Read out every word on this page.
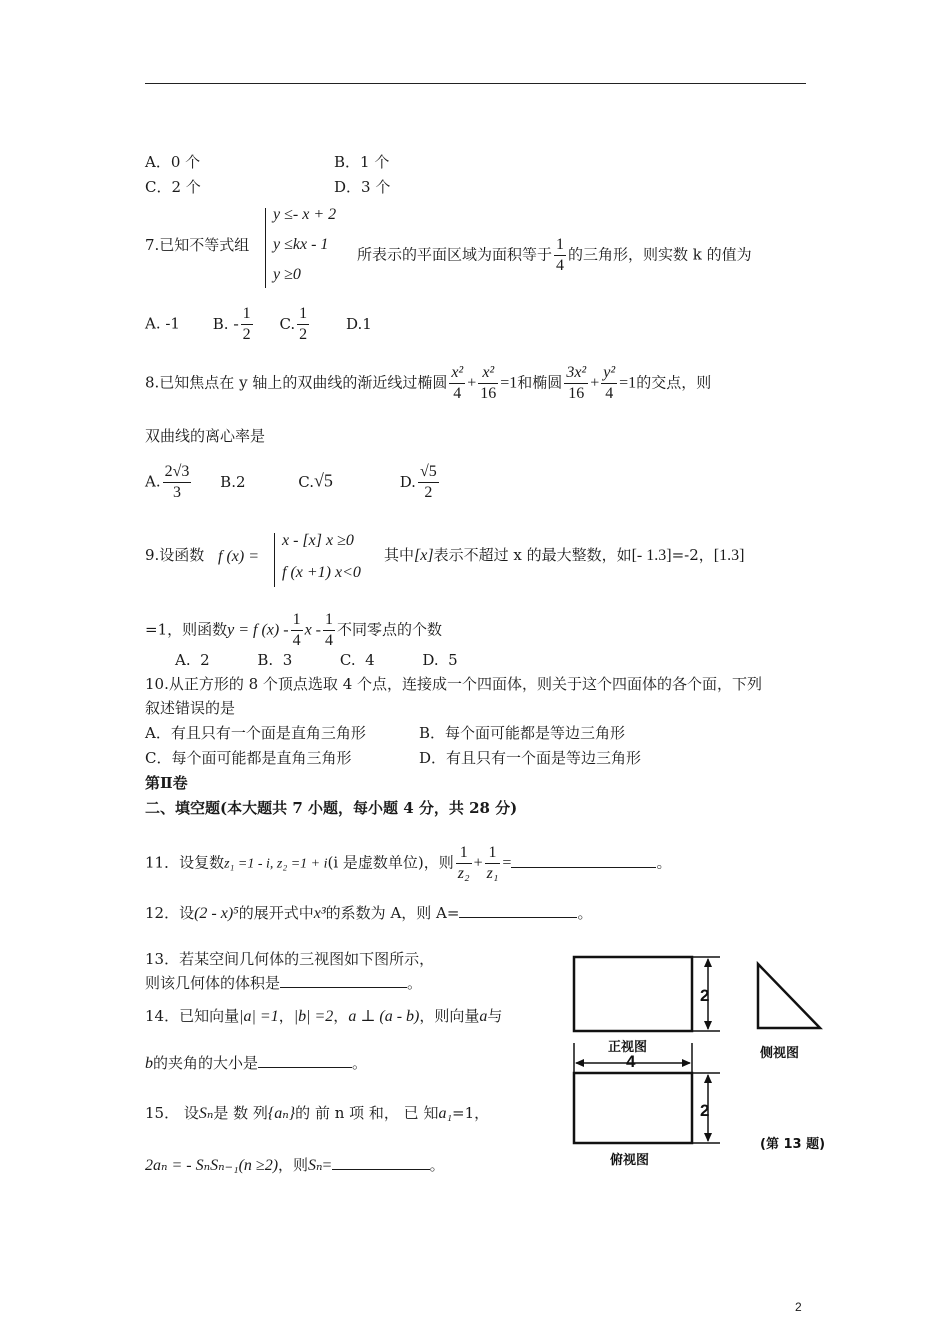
A．0 个	B．1 个
C．2 个	D．3 个
7.已知不等式组
y ≤- x + 2
y ≤kx - 1
y ≥0
所表示的平面区域为面积等于 $\frac{1}{4}$ 的三角形，则实数 k 的值为
A. -1 B. - $\frac{1}{2} C$. $\frac{1}{2} D.1$
8.已知焦点在 y 轴上的双曲线的渐近线过椭圆 $\frac{\text{x²}}{4} + \frac{\text{x²}}{16} =1$和椭圆 $\frac{\text{3x²}}{16} + \frac{\text{y²}}{4} =1$的交点，则
双曲线的离心率是
A. $\frac{2√3}{3} B.2$	C.√5	D. $\frac{√5}{2}$
9.设函数 f (x) =
x - [x] x ≥0
f (x +1) x<0
其中[x]表示不超过 x 的最大整数，如[- 1.3]=-2，[1.3]
=1，则函数y = f $(x) - \frac{1}{4}$ x - $\frac{1}{4}$ 不同零点的个数
A.  2          B.  3          C.  4          D.  5
10.从正方形的 8 个顶点选取 4 个点，连接成一个四面体，则关于这个四面体的各个面，下列
叙述错误的是
A．有且只有一个面是直角三角形	B．每个面可能都是等边三角形
C．每个面可能都是直角三角形	D．有且只有一个面是等边三角形
第Ⅱ卷
二、填空题(本大题共 7 小题，每小题 4 分，共 28 分)
11．设复数z₁ =1 - i, z₂ =1 + i(i 是虚数单位)，则 $\frac{1}{\text{z₂}} + \frac{1}{\text{z₁}}$ =	。
12．设(2 - x)⁵的展开式中x³的系数为 A，则 A=	。
13．若某空间几何体的三视图如下图所示，
则该几何体的体积是	。
14．已知向量|a| =1，|b| =2，a ⊥ (a - b)，则向量a与
b的夹角的大小是	。
15． 设Sₙ是 数 列{aₙ}的 前 n 项 和， 已 知a₁=1，
2aₙ = - SₙSₙ₋₁(n ≥2)，则Sₙ=	。
2
正视图	侧视图
4
2
俯视图
(第 13 题)
2
